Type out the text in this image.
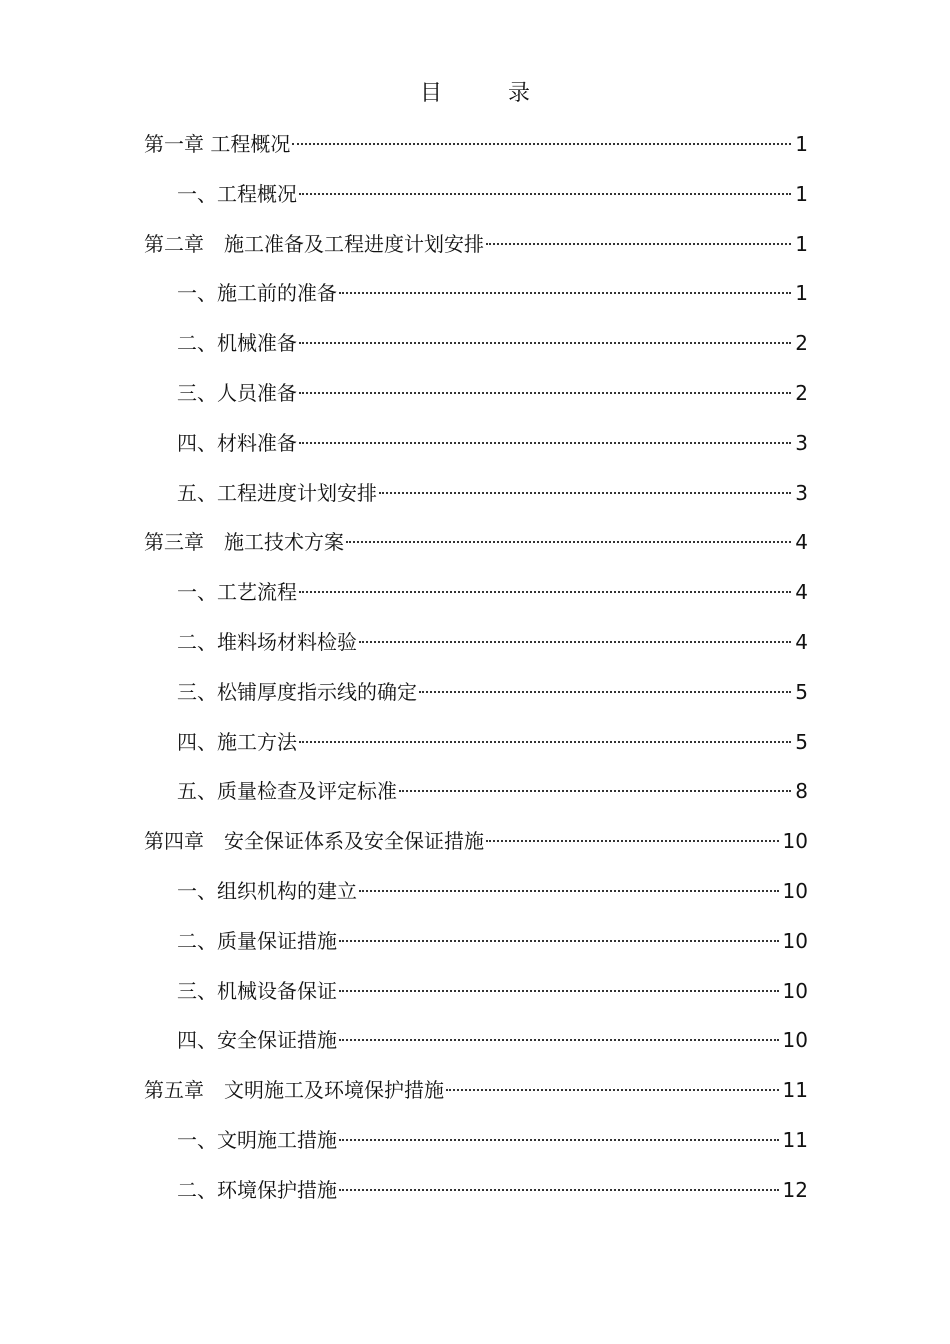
目　录
第一章 工程概况	1
一、工程概况	1
第二章　施工准备及工程进度计划安排	1
一、施工前的准备	1
二、机械准备	2
三、人员准备	2
四、材料准备	3
五、工程进度计划安排	3
第三章　施工技术方案	4
一、工艺流程	4
二、堆料场材料检验	4
三、松铺厚度指示线的确定	5
四、施工方法	5
五、质量检查及评定标准	8
第四章　安全保证体系及安全保证措施	10
一、组织机构的建立	10
二、质量保证措施	10
三、机械设备保证	10
四、安全保证措施	10
第五章　文明施工及环境保护措施	11
一、文明施工措施	11
二、环境保护措施	12
